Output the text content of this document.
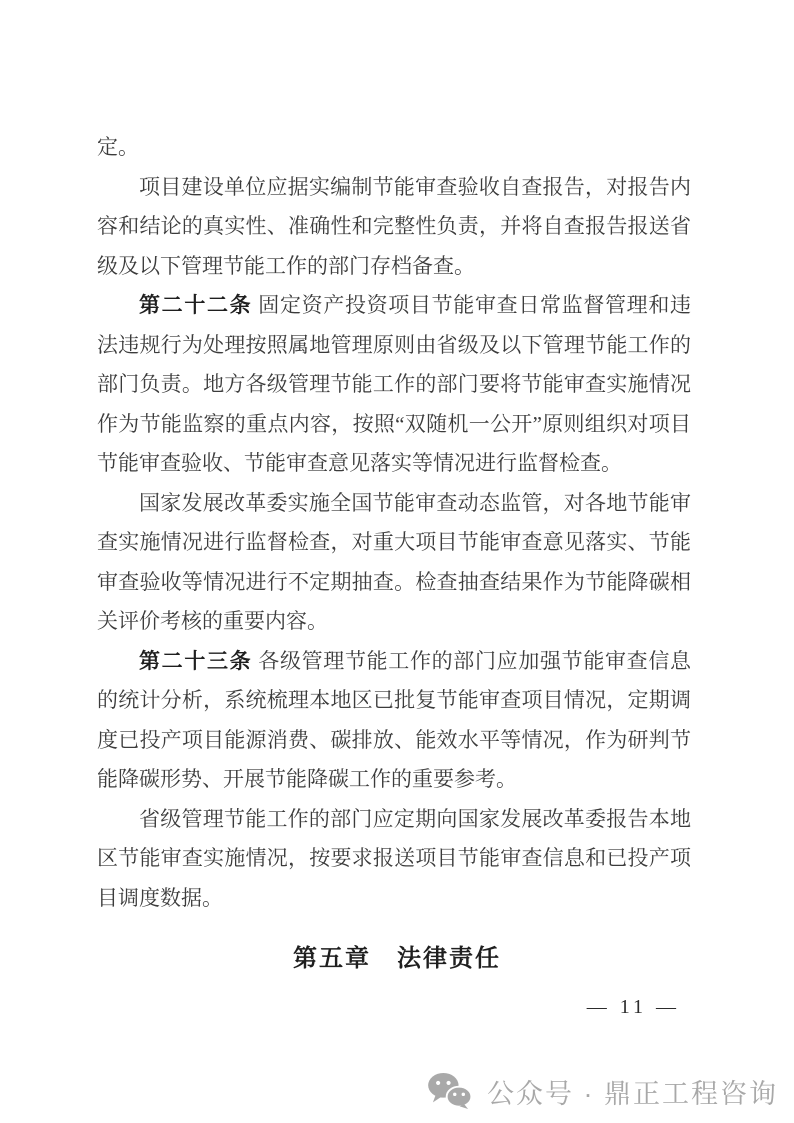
定。

项目建设单位应据实编制节能审查验收自查报告，对报告内容和结论的真实性、准确性和完整性负责，并将自查报告报送省级及以下管理节能工作的部门存档备查。

第二十二条 固定资产投资项目节能审查日常监督管理和违法违规行为处理按照属地管理原则由省级及以下管理节能工作的部门负责。地方各级管理节能工作的部门要将节能审查实施情况作为节能监察的重点内容，按照“双随机一公开”原则组织对项目节能审查验收、节能审查意见落实等情况进行监督检查。

国家发展改革委实施全国节能审查动态监管，对各地节能审查实施情况进行监督检查，对重大项目节能审查意见落实、节能审查验收等情况进行不定期抽查。检查抽查结果作为节能降碳相关评价考核的重要内容。

第二十三条 各级管理节能工作的部门应加强节能审查信息的统计分析，系统梳理本地区已批复节能审查项目情况，定期调度已投产项目能源消费、碳排放、能效水平等情况，作为研判节能降碳形势、开展节能降碳工作的重要参考。

省级管理节能工作的部门应定期向国家发展改革委报告本地区节能审查实施情况，按要求报送项目节能审查信息和已投产项目调度数据。

第五章　法律责任
— 11 —
公众号 · 鼎正工程咨询
